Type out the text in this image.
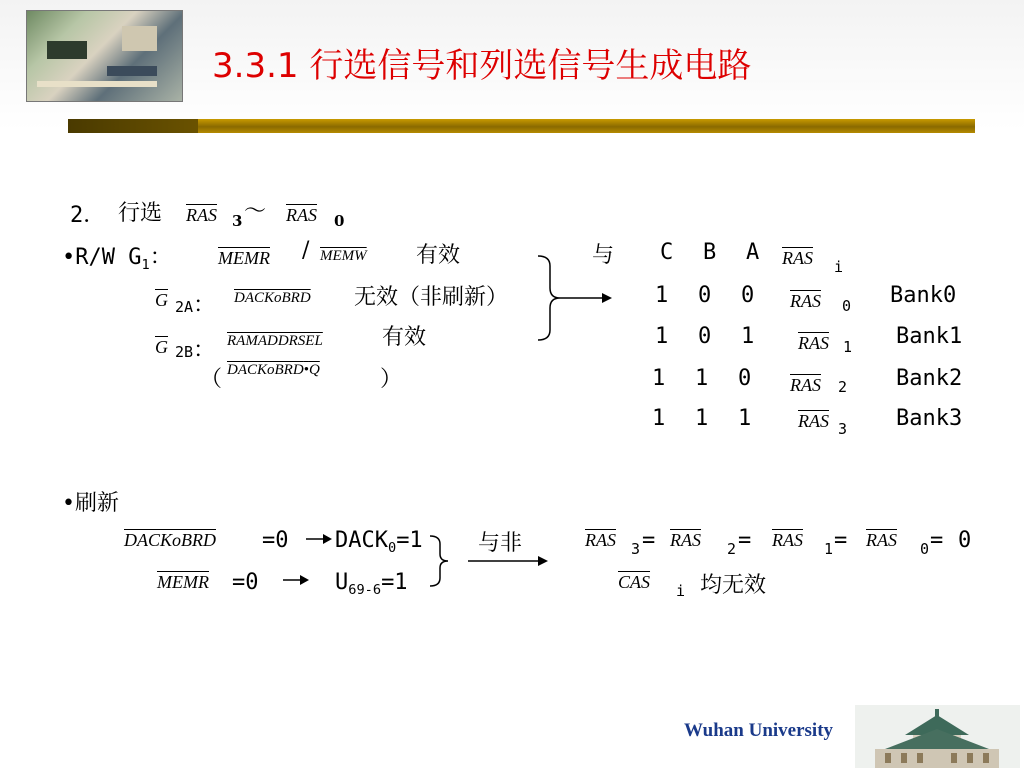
3.3.1 行选信号和列选信号生成电路
2． 行选 $\overline{RAS}$ 3 ～ $\overline{RAS}$ 0
•R/W $G_1$：	MEMR / MEMW 有效
$\overline{G}$ 2A： DACKoBRD 无效（非刷新）
$\overline{G}$ 2B： RAMADDRSEL	有效
（ DACKoBRD•Q	）
与 C B A $\overline{RAS}$ i
1 0 0 $\overline{RAS}$ 0 Bank0
1 0 1 $\overline{RAS}$ 1 Bank1
1 1 0 $\overline{RAS}$ 2 Bank2
1 1 1	$\overline{RAS}$ 3 Bank3
•刷新
DACKoBRD =0 $DACK_0=1$
MEMR =0	$U_{69-6}=1$
与非	$\overline{RAS}$ $3 = \overline{RAS}$ $2 = \overline{RAS}$ $1 = \overline{RAS}$ 0 = 0
$\overline{CAS}$ i 均无效
Wuhan University
